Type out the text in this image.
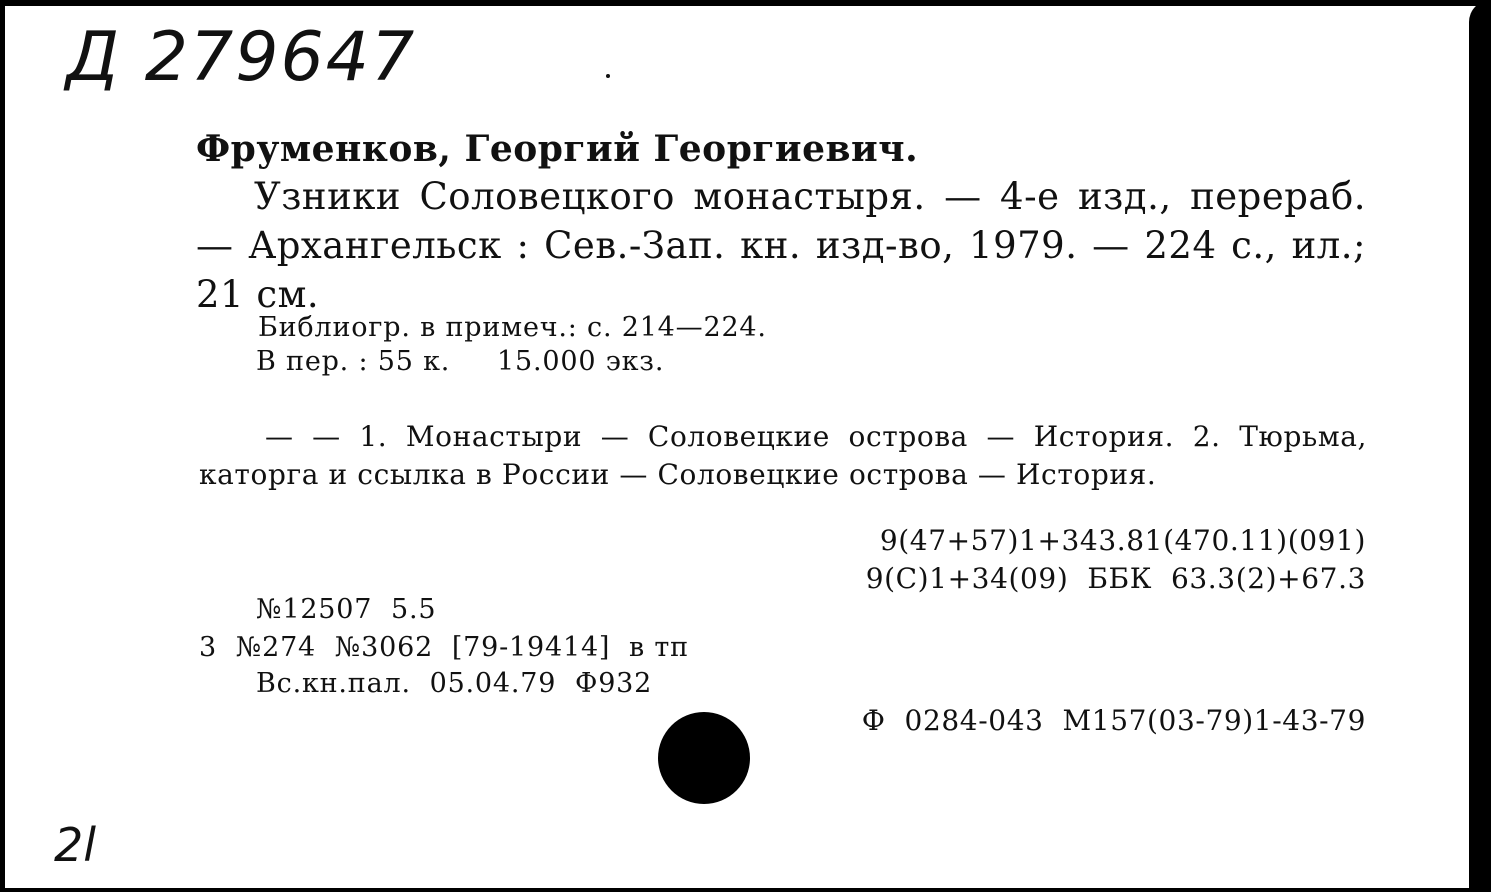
Д 279647
Фруменков, Георгий Георгиевич.
Узники Соловецкого монастыря. — 4-е изд., перераб. — Архангельск : Сев.-Зап. кн. изд-во, 1979. — 224 с., ил.; 21 см.
Библиогр. в примеч.: с. 214—224.
В пер. : 55 к.     15.000 экз.
— — 1. Монастыри — Соловецкие острова — История. 2. Тюрьма, каторга и ссылка в России — Соловецкие острова — История.
9(47+57)1+343.81(470.11)(091)
9(С)1+34(09)  ББК  63.3(2)+67.3
№12507  5.5
3  №274  №3062  [79-19414]  в тп
Вс.кн.пал.  05.04.79  Ф932
Ф  0284-043  М157(03-79)1-43-79
2l
